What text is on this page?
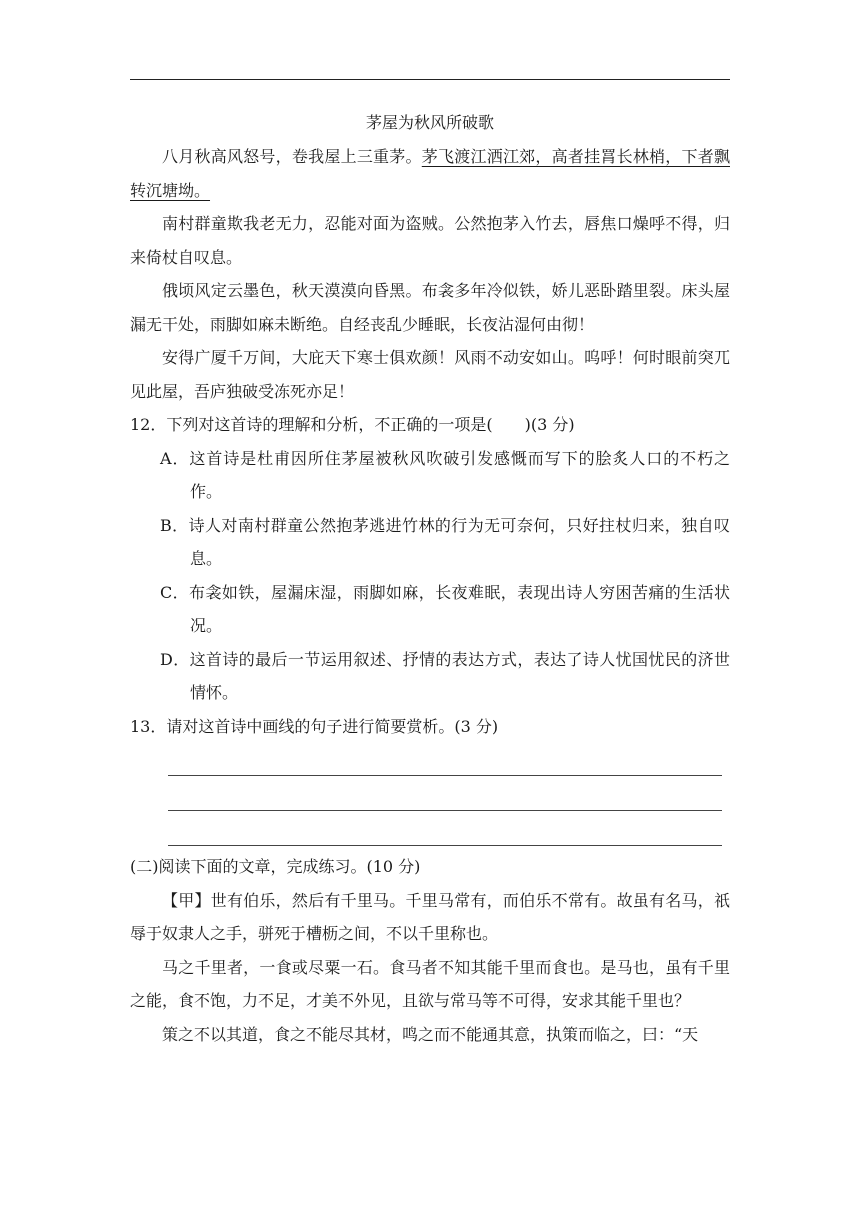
茅屋为秋风所破歌

八月秋高风怒号，卷我屋上三重茅。茅飞渡江洒江郊，高者挂罥长林梢，下者飘转沉塘坳。

南村群童欺我老无力，忍能对面为盗贼。公然抱茅入竹去，唇焦口燥呼不得，归来倚杖自叹息。

俄顷风定云墨色，秋天漠漠向昏黑。布衾多年冷似铁，娇儿恶卧踏里裂。床头屋漏无干处，雨脚如麻未断绝。自经丧乱少睡眠，长夜沾湿何由彻！

安得广厦千万间，大庇天下寒士俱欢颜！风雨不动安如山。呜呼！何时眼前突兀见此屋，吾庐独破受冻死亦足！

12．下列对这首诗的理解和分析，不正确的一项是(　　)(3 分)

A．这首诗是杜甫因所住茅屋被秋风吹破引发感慨而写下的脍炙人口的不朽之作。

B．诗人对南村群童公然抱茅逃进竹林的行为无可奈何，只好拄杖归来，独自叹息。

C．布衾如铁，屋漏床湿，雨脚如麻，长夜难眠，表现出诗人穷困苦痛的生活状况。

D．这首诗的最后一节运用叙述、抒情的表达方式，表达了诗人忧国忧民的济世情怀。

13．请对这首诗中画线的句子进行简要赏析。(3 分)

(二)阅读下面的文章，完成练习。(10 分)

【甲】世有伯乐，然后有千里马。千里马常有，而伯乐不常有。故虽有名马，祇辱于奴隶人之手，骈死于槽枥之间，不以千里称也。

马之千里者，一食或尽粟一石。食马者不知其能千里而食也。是马也，虽有千里之能，食不饱，力不足，才美不外见，且欲与常马等不可得，安求其能千里也？

策之不以其道，食之不能尽其材，鸣之而不能通其意，执策而临之，曰：“天
